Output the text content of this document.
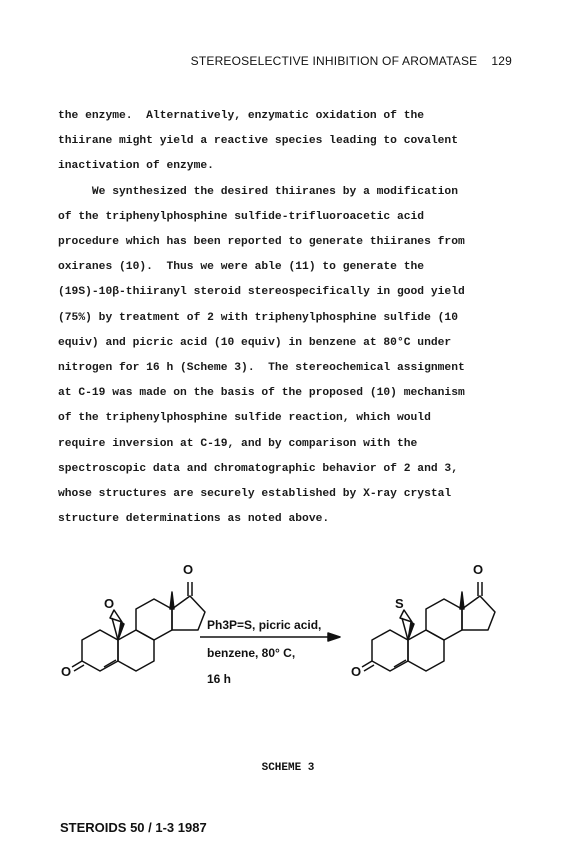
STEREOSELECTIVE INHIBITION OF AROMATASE 129
the enzyme.  Alternatively, enzymatic oxidation of the
thiirane might yield a reactive species leading to covalent
inactivation of enzyme.
We synthesized the desired thiiranes by a modification
of the triphenylphosphine sulfide-trifluoroacetic acid
procedure which has been reported to generate thiiranes from
oxiranes (10).  Thus we were able (11) to generate the
(19S)-10β-thiiranyl steroid stereospecifically in good yield
(75%) by treatment of 2 with triphenylphosphine sulfide (10
equiv) and picric acid (10 equiv) in benzene at 80°C under
nitrogen for 16 h (Scheme 3).  The stereochemical assignment
at C-19 was made on the basis of the proposed (10) mechanism
of the triphenylphosphine sulfide reaction, which would
require inversion at C-19, and by comparison with the
spectroscopic data and chromatographic behavior of 2 and 3,
whose structures are securely established by X-ray crystal
structure determinations as noted above.
O
O
O
O
S
O
Ph3P=S, picric acid,
benzene, 80° C,
16 h
SCHEME 3
STEROIDS 50 / 1-3 1987
